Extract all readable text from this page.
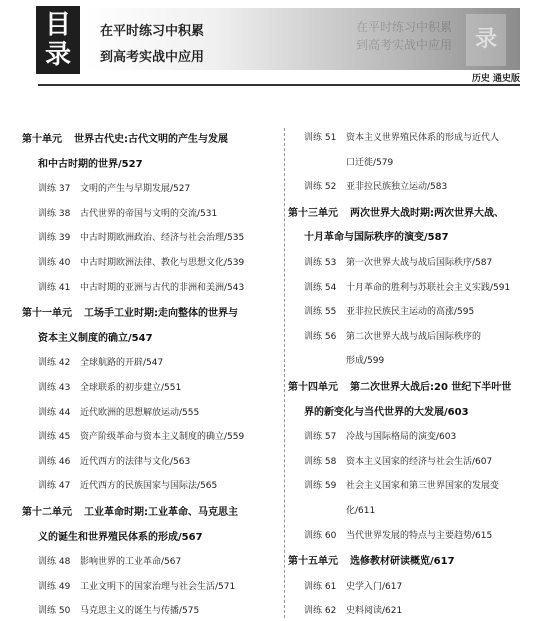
目
录
在平时练习中积累
到高考实战中应用
在平时练习中积累
到高考实战中应用	录
历史 通史版
第十单元 世界古代史:古代文明的产生与发展
和中古时期的世界/527
训练 37 文明的产生与早期发展/527
训练 38 古代世界的帝国与文明的交流/531
训练 39 中古时期欧洲政治、经济与社会治理/535
训练 40 中古时期欧洲法律、教化与思想文化/539
训练 41 中古时期的亚洲与古代的非洲和美洲/543
第十一单元 工场手工业时期:走向整体的世界与
资本主义制度的确立/547
训练 42 全球航路的开辟/547
训练 43 全球联系的初步建立/551
训练 44 近代欧洲的思想解放运动/555
训练 45 资产阶级革命与资本主义制度的确立/559
训练 46 近代西方的法律与文化/563
训练 47 近代西方的民族国家与国际法/565
第十二单元 工业革命时期:工业革命、马克思主
义的诞生和世界殖民体系的形成/567
训练 48 影响世界的工业革命/567
训练 49 工业文明下的国家治理与社会生活/571
训练 50 马克思主义的诞生与传播/575
训练 51 资本主义世界殖民体系的形成与近代人
口迁徙/579
训练 52 亚非拉民族独立运动/583
第十三单元 两次世界大战时期:两次世界大战、
十月革命与国际秩序的演变/587
训练 53 第一次世界大战与战后国际秩序/587
训练 54 十月革命的胜利与苏联社会主义实践/591
训练 55 亚非拉民族民主运动的高涨/595
训练 56 第二次世界大战与战后国际秩序的
形成/599
第十四单元 第二次世界大战后:20 世纪下半叶世
界的新变化与当代世界的大发展/603
训练 57 冷战与国际格局的演变/603
训练 58 资本主义国家的经济与社会生活/607
训练 59 社会主义国家和第三世界国家的发展变
化/611
训练 60 当代世界发展的特点与主要趋势/615
第十五单元 选修教材研读概览/617
训练 61 史学入门/617
训练 62 史料阅读/621
